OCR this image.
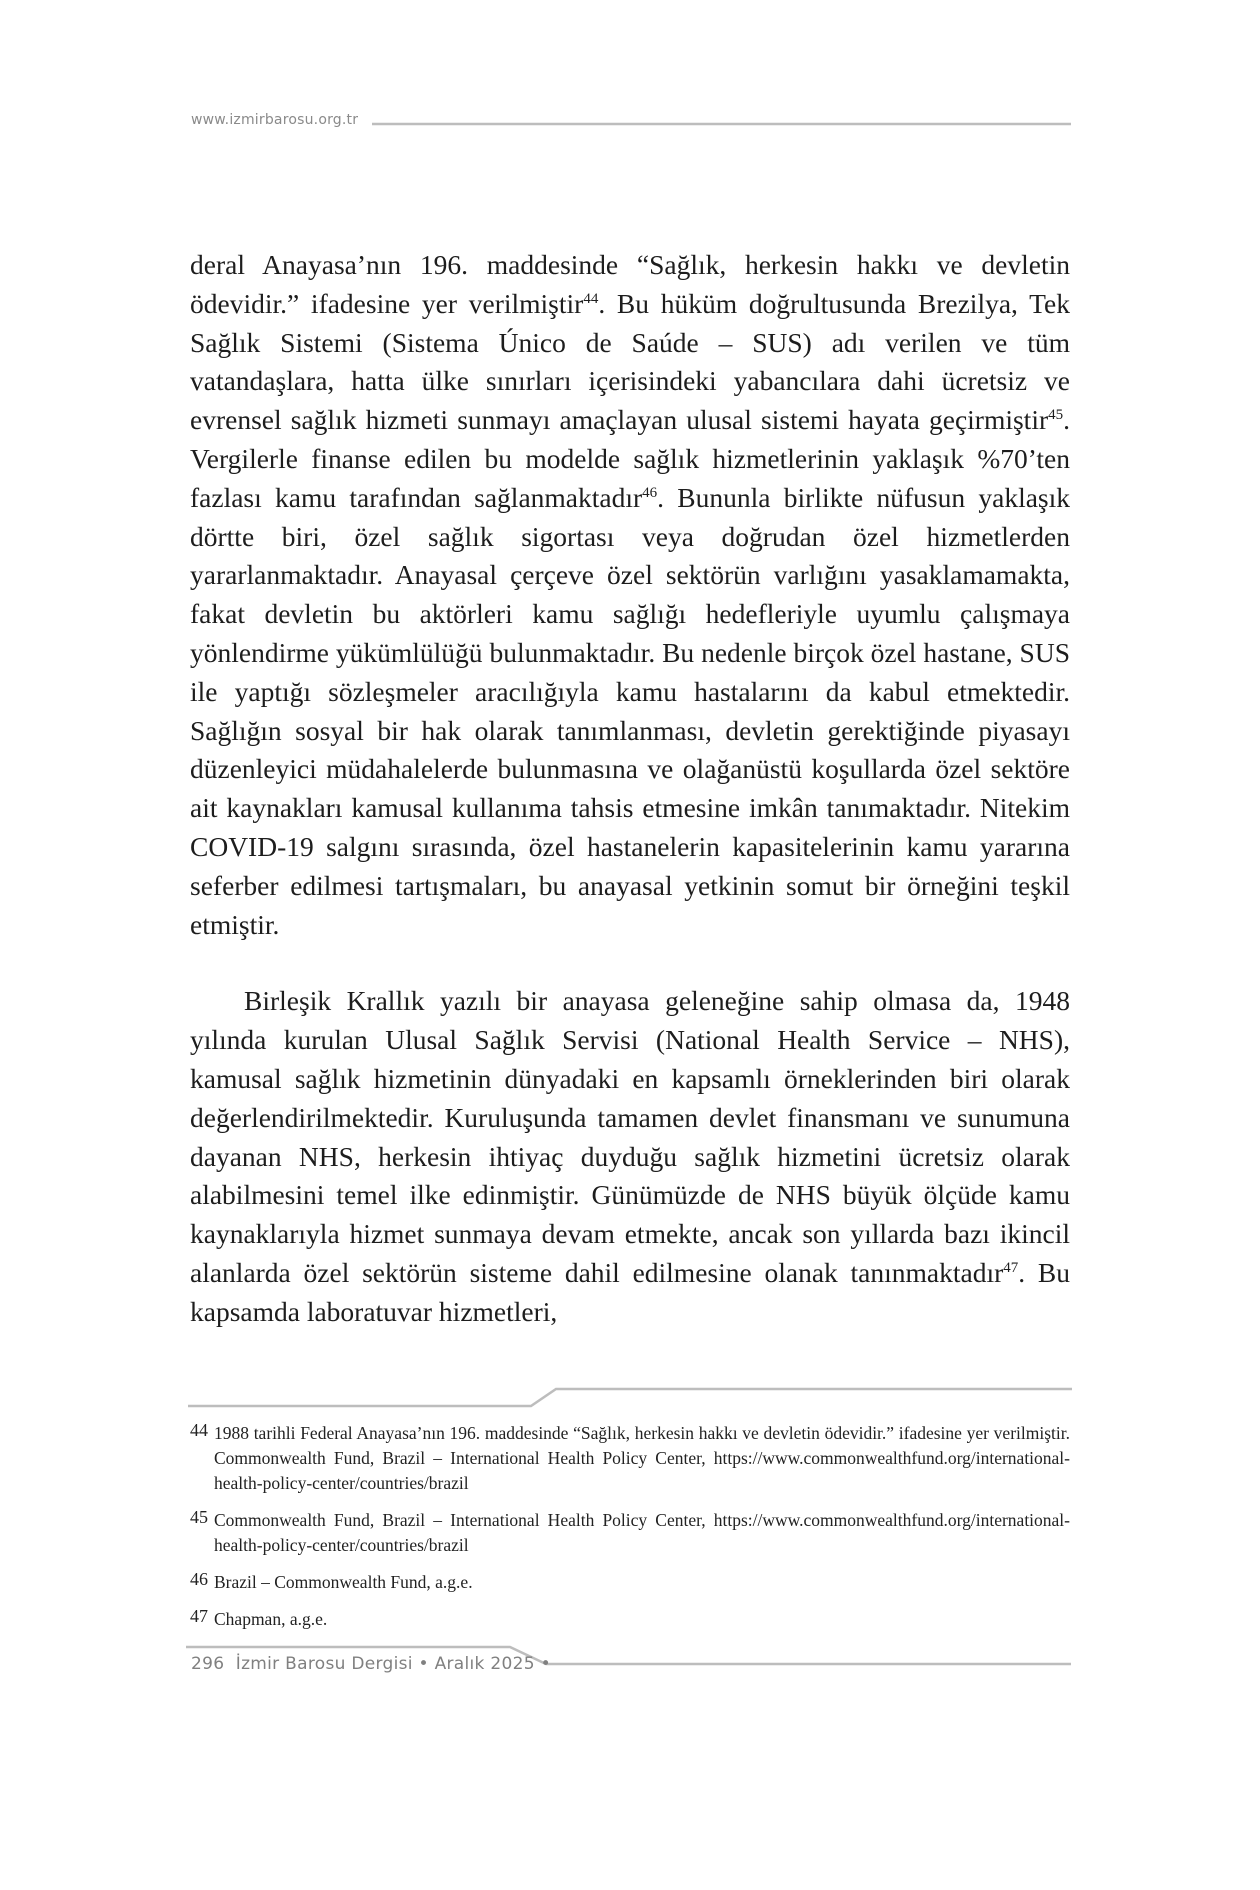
www.izmirbarosu.org.tr

deral Anayasa’nın 196. maddesinde “Sağlık, herkesin hakkı ve devletin ödevidir.” ifadesine yer verilmiştir$^{44}$. Bu hüküm doğrultusunda Brezilya, Tek Sağlık Sistemi (Sistema Único de Saúde – SUS) adı verilen ve tüm vatandaşlara, hatta ülke sınırları içerisindeki yabancılara dahi ücretsiz ve evrensel sağlık hizmeti sunmayı amaçlayan ulusal sistemi hayata geçirmiştir$^{45}$. Vergilerle finanse edilen bu modelde sağlık hizmetlerinin yaklaşık %70’ten fazlası kamu tarafından sağlanmaktadır$^{46}$. Bununla birlikte nüfusun yaklaşık dörtte biri, özel sağlık sigortası veya doğrudan özel hizmetlerden yararlanmaktadır. Anayasal çerçeve özel sektörün varlığını yasaklamamakta, fakat devletin bu aktörleri kamu sağlığı hedefleriyle uyumlu çalışmaya yönlendirme yükümlülüğü bulunmaktadır. Bu nedenle birçok özel hastane, SUS ile yaptığı sözleşmeler aracılığıyla kamu hastalarını da kabul etmektedir. Sağlığın sosyal bir hak olarak tanımlanması, devletin gerektiğinde piyasayı düzenleyici müdahalelerde bulunmasına ve olağanüstü koşullarda özel sektöre ait kaynakları kamusal kullanıma tahsis etmesine imkân tanımaktadır. Nitekim COVID-19 salgını sırasında, özel hastanelerin kapasitelerinin kamu yararına seferber edilmesi tartışmaları, bu anayasal yetkinin somut bir örneğini teşkil etmiştir.

Birleşik Krallık yazılı bir anayasa geleneğine sahip olmasa da, 1948 yılında kurulan Ulusal Sağlık Servisi (National Health Service – NHS), kamusal sağlık hizmetinin dünyadaki en kapsamlı örneklerinden biri olarak değerlendirilmektedir. Kuruluşunda tamamen devlet finansmanı ve sunumuna dayanan NHS, herkesin ihtiyaç duyduğu sağlık hizmetini ücretsiz olarak alabilmesini temel ilke edinmiştir. Günümüzde de NHS büyük ölçüde kamu kaynaklarıyla hizmet sunmaya devam etmekte, ancak son yıllarda bazı ikincil alanlarda özel sektörün sisteme dahil edilmesine olanak tanınmaktadır$^{47}$. Bu kapsamda laboratuvar hizmetleri,

44 1988 tarihli Federal Anayasa’nın 196. maddesinde “Sağlık, herkesin hakkı ve devletin ödevidir.” ifadesine yer verilmiştir. Commonwealth Fund, Brazil – International Health Policy Center, https://www.commonwealthfund.org/international-health-policy-center/countries/brazil

45 Commonwealth Fund, Brazil – International Health Policy Center, https://www.commonwealthfund.org/international-health-policy-center/countries/brazil

46 Brazil – Commonwealth Fund, a.g.e.

47 Chapman, a.g.e.

296  İzmir Barosu Dergisi • Aralık 2025 •
